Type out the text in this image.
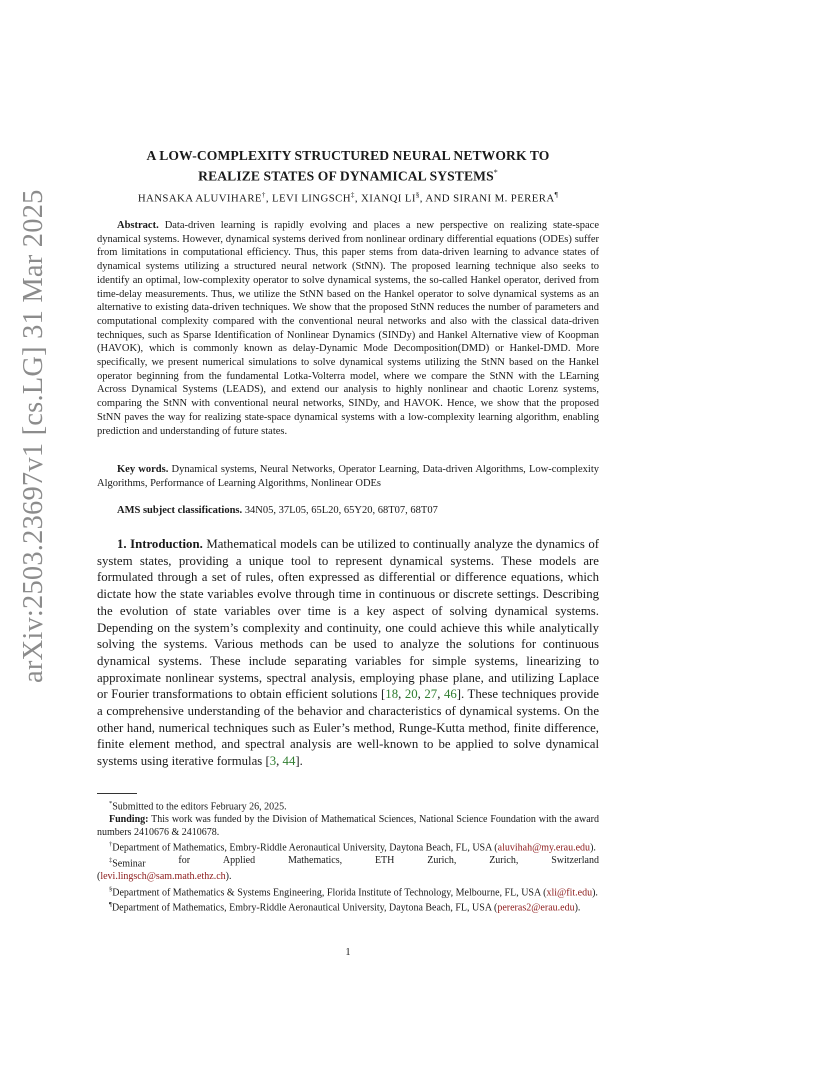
arXiv:2503.23697v1 [cs.LG] 31 Mar 2025
A LOW-COMPLEXITY STRUCTURED NEURAL NETWORK TO
REALIZE STATES OF DYNAMICAL SYSTEMS*
HANSAKA ALUVIHARE†, LEVI LINGSCH‡, XIANQI LI§, AND SIRANI M. PERERA¶
Abstract. Data-driven learning is rapidly evolving and places a new perspective on realizing state-space dynamical systems. However, dynamical systems derived from nonlinear ordinary differential equations (ODEs) suffer from limitations in computational efficiency. Thus, this paper stems from data-driven learning to advance states of dynamical systems utilizing a structured neural network (StNN). The proposed learning technique also seeks to identify an optimal, low-complexity operator to solve dynamical systems, the so-called Hankel operator, derived from time-delay measurements. Thus, we utilize the StNN based on the Hankel operator to solve dynamical systems as an alternative to existing data-driven techniques. We show that the proposed StNN reduces the number of parameters and computational complexity compared with the conventional neural networks and also with the classical data-driven techniques, such as Sparse Identification of Nonlinear Dynamics (SINDy) and Hankel Alternative view of Koopman (HAVOK), which is commonly known as delay-Dynamic Mode Decomposition(DMD) or Hankel-DMD. More specifically, we present numerical simulations to solve dynamical systems utilizing the StNN based on the Hankel operator beginning from the fundamental Lotka-Volterra model, where we compare the StNN with the LEarning Across Dynamical Systems (LEADS), and extend our analysis to highly nonlinear and chaotic Lorenz systems, comparing the StNN with conventional neural networks, SINDy, and HAVOK. Hence, we show that the proposed StNN paves the way for realizing state-space dynamical systems with a low-complexity learning algorithm, enabling prediction and understanding of future states.
Key words. Dynamical systems, Neural Networks, Operator Learning, Data-driven Algorithms, Low-complexity Algorithms, Performance of Learning Algorithms, Nonlinear ODEs
AMS subject classifications. 34N05, 37L05, 65L20, 65Y20, 68T07, 68T07
1. Introduction. Mathematical models can be utilized to continually analyze the dynamics of system states, providing a unique tool to represent dynamical systems. These models are formulated through a set of rules, often expressed as differential or difference equations, which dictate how the state variables evolve through time in continuous or discrete settings. Describing the evolution of state variables over time is a key aspect of solving dynamical systems. Depending on the system’s complexity and continuity, one could achieve this while analytically solving the systems. Various methods can be used to analyze the solutions for continuous dynamical systems. These include separating variables for simple systems, linearizing to approximate nonlinear systems, spectral analysis, employing phase plane, and utilizing Laplace or Fourier transformations to obtain efficient solutions [18, 20, 27, 46]. These techniques provide a comprehensive understanding of the behavior and characteristics of dynamical systems. On the other hand, numerical techniques such as Euler’s method, Runge-Kutta method, finite difference, finite element method, and spectral analysis are well-known to be applied to solve dynamical systems using iterative formulas [3, 44].

*Submitted to the editors February 26, 2025.

Funding: This work was funded by the Division of Mathematical Sciences, National Science Foundation with the award numbers 2410676 & 2410678.

†Department of Mathematics, Embry-Riddle Aeronautical University, Daytona Beach, FL, USA (aluvihah@my.erau.edu).

‡Seminar	for	Applied	Mathematics,	ETH	Zurich,	Zurich,	Switzerland

(levi.lingsch@sam.math.ethz.ch).

§Department of Mathematics & Systems Engineering, Florida Institute of Technology, Melbourne, FL, USA (xli@fit.edu).

¶Department of Mathematics, Embry-Riddle Aeronautical University, Daytona Beach, FL, USA (pereras2@erau.edu).

1
